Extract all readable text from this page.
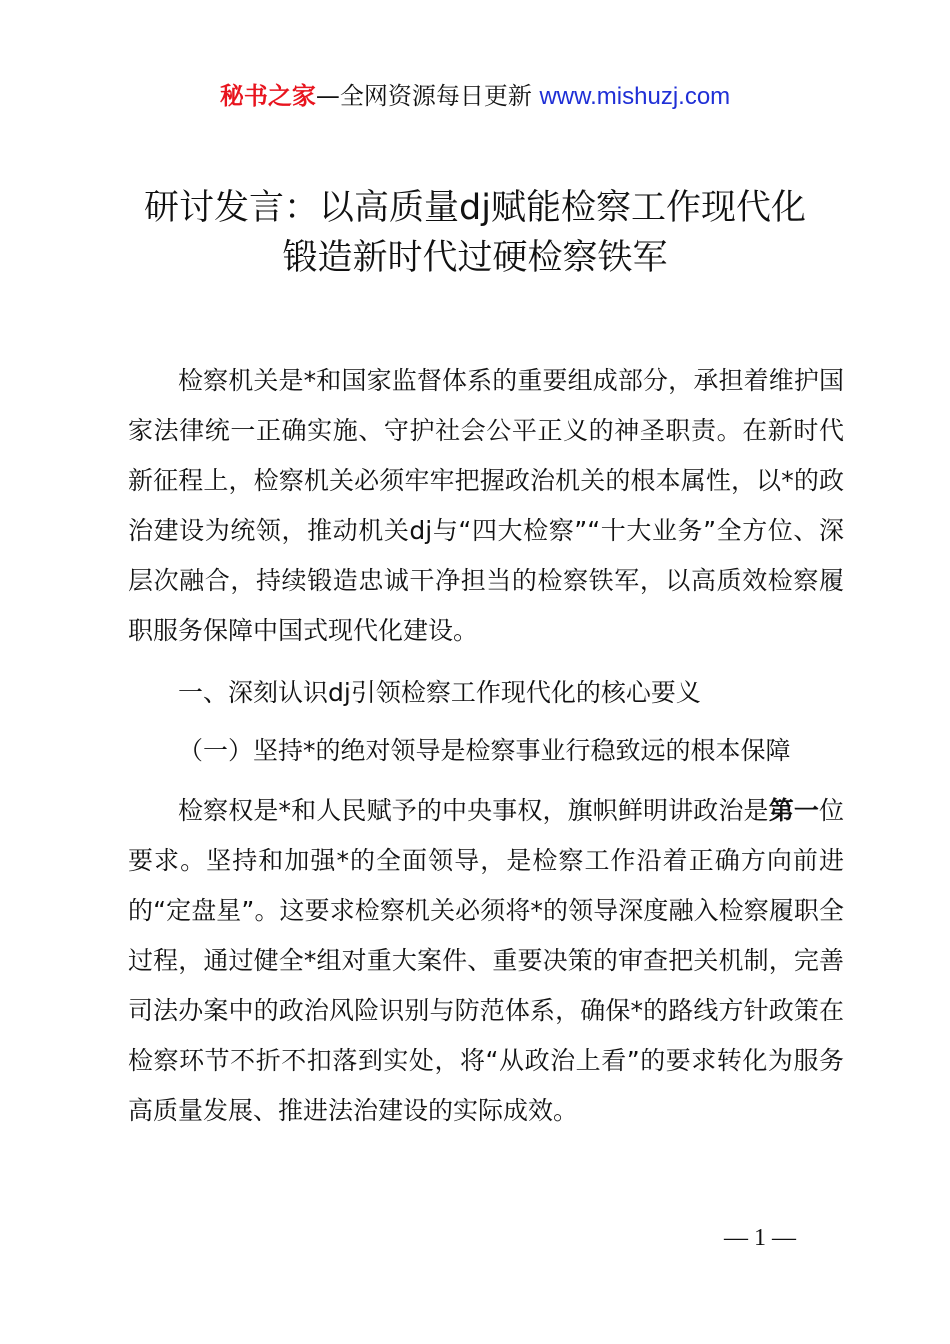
秘书之家—全网资源每日更新 www.mishuzj.com
研讨发言：以高质量dj赋能检察工作现代化
锻造新时代过硬检察铁军

检察机关是*和国家监督体系的重要组成部分，承担着维护国家法律统一正确实施、守护社会公平正义的神圣职责。在新时代新征程上，检察机关必须牢牢把握政治机关的根本属性，以*的政治建设为统领，推动机关dj与“四大检察”“十大业务”全方位、深层次融合，持续锻造忠诚干净担当的检察铁军，以高质效检察履职服务保障中国式现代化建设。

一、深刻认识dj引领检察工作现代化的核心要义

（一）坚持*的绝对领导是检察事业行稳致远的根本保障

检察权是*和人民赋予的中央事权，旗帜鲜明讲政治是第一位要求。坚持和加强*的全面领导，是检察工作沿着正确方向前进的“定盘星”。这要求检察机关必须将*的领导深度融入检察履职全过程，通过健全*组对重大案件、重要决策的审查把关机制，完善司法办案中的政治风险识别与防范体系，确保*的路线方针政策在检察环节不折不扣落到实处，将“从政治上看”的要求转化为服务高质量发展、推进法治建设的实际成效。

— 1 —
